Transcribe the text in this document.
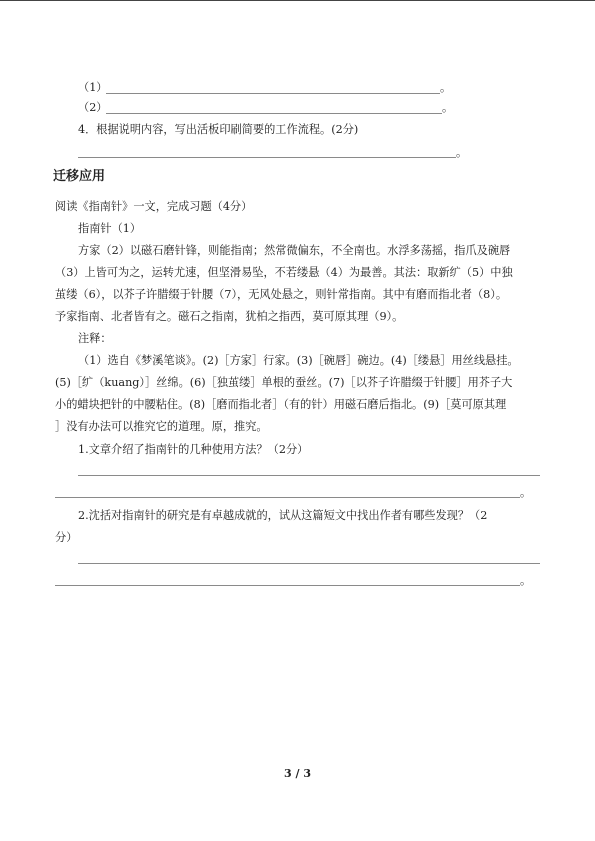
（1）	。
（2）	。
4．根据说明内容，写出活板印刷简要的工作流程。(2分)
。
迁移应用
阅读《指南针》一文，完成习题（4分）
指南针（1）
方家（2）以磁石磨针锋，则能指南；然常微偏东，不全南也。水浮多荡摇，指爪及碗唇
（3）上皆可为之，运转尤速，但坚滑易坠，不若缕悬（4）为最善。其法：取新纩（5）中独
茧缕（6），以芥子许腊缀于针腰（7），无风处悬之，则针常指南。其中有磨而指北者（8）。
予家指南、北者皆有之。磁石之指南，犹柏之指西，莫可原其理（9）。
注释：
（1）选自《梦溪笔谈》。(2)［方家］行家。(3)［碗唇］碗边。(4)［缕悬］用丝线悬挂。
(5)［纩（kuang）］丝绵。(6)［独茧缕］单根的蚕丝。(7)［以芥子许腊缀于针腰］用芥子大
小的蜡块把针的中腰粘住。(8)［磨而指北者］（有的针）用磁石磨后指北。(9)［莫可原其理
］没有办法可以推究它的道理。原，推究。
1.文章介绍了指南针的几种使用方法？（2分）
。
2.沈括对指南针的研究是有卓越成就的，试从这篇短文中找出作者有哪些发现？（2
分）
。
3 / 3
